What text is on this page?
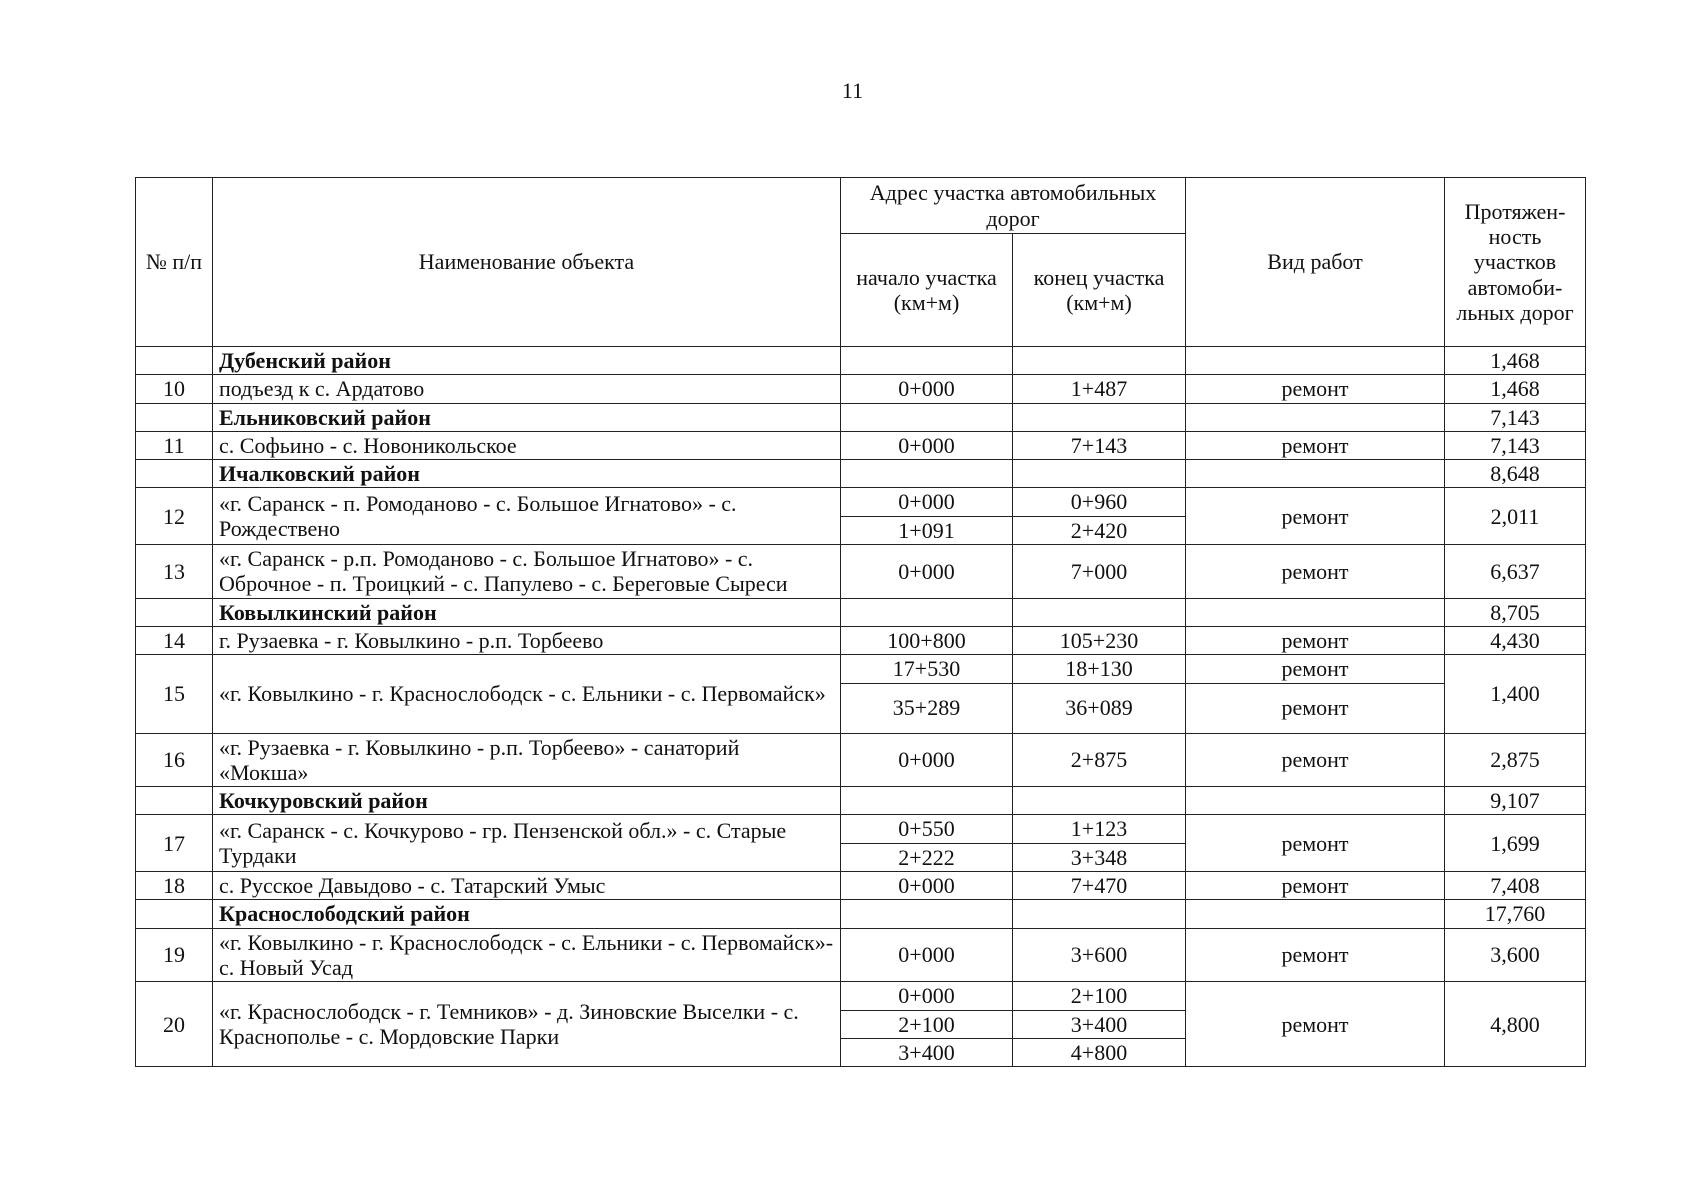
11
№ п/п	Наименование объекта	Адрес участка автомобильных дорог		Вид работ	Протяжен-ность участков автомоби-льных дорог
		начало участка (км+м)	конец участка (км+м)		
	Дубенский район				1,468
10	подъезд к с. Ардатово	0+000	1+487	ремонт	1,468
	Ельниковский район				7,143
11	с. Софьино - с. Новоникольское	0+000	7+143	ремонт	7,143
	Ичалковский район				8,648
12	«г. Саранск - п. Ромоданово - с. Большое Игнатово» - с. Рождествено	0+000	0+960	ремонт	2,011
		1+091	2+420		
13	«г. Саранск - р.п. Ромоданово - с. Большое Игнатово» - с. Оброчное - п. Троицкий - с. Папулево - с. Береговые Сыреси	0+000	7+000	ремонт	6,637
	Ковылкинский район				8,705
14	г. Рузаевка - г. Ковылкино - р.п. Торбеево	100+800	105+230	ремонт	4,430
15	«г. Ковылкино - г. Краснослободск - с. Ельники - с. Первомайск»	17+530	18+130	ремонт	1,400
		35+289	36+089	ремонт	
16	«г. Рузаевка - г. Ковылкино - р.п. Торбеево» - санаторий «Мокша»	0+000	2+875	ремонт	2,875
	Кочкуровский район				9,107
17	«г. Саранск - с. Кочкурово - гр. Пензенской обл.» - с. Старые Турдаки	0+550	1+123	ремонт	1,699
		2+222	3+348		
18	с. Русское Давыдово - с. Татарский Умыс	0+000	7+470	ремонт	7,408
	Краснослободский район				17,760
19	«г. Ковылкино - г. Краснослободск - с. Ельники - с. Первомайск»- с. Новый Усад	0+000	3+600	ремонт	3,600
20	«г. Краснослободск - г. Темников» - д. Зиновские Выселки - с. Краснополье - с. Мордовские Парки	0+000	2+100	ремонт	4,800
		2+100	3+400		
		3+400	4+800		
